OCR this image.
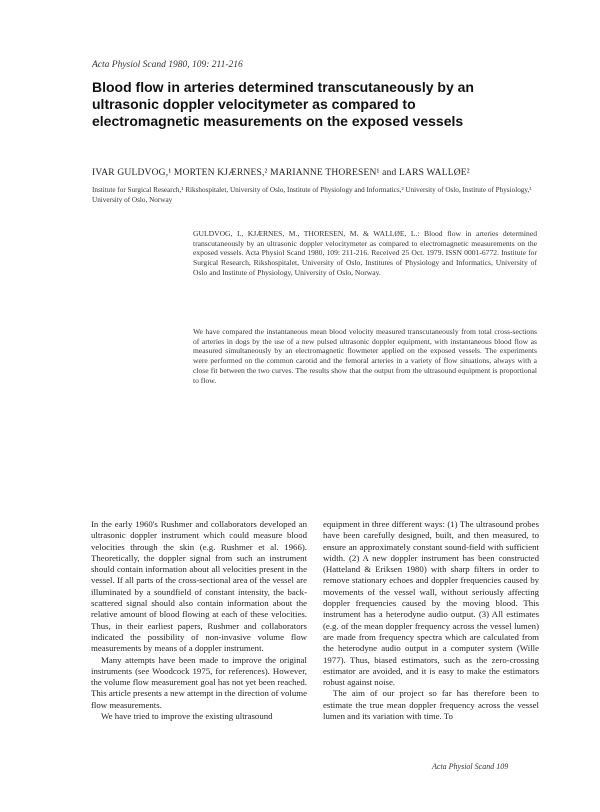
Acta Physiol Scand 1980, 109: 211-216
Blood flow in arteries determined transcutaneously by an ultrasonic doppler velocitymeter as compared to electromagnetic measurements on the exposed vessels
IVAR GULDVOG,¹ MORTEN KJÆRNES,² MARIANNE THORESEN¹ and LARS WALLØE²
Institute for Surgical Research,¹ Rikshospitalet, University of Oslo, Institute of Physiology and Informatics,² University of Oslo, Institute of Physiology,³ University of Oslo, Norway

GULDVOG, I., KJÆRNES, M., THORESEN, M. & WALLØE, L.: Blood flow in arteries determined transcutaneously by an ultrasonic doppler velocitymeter as compared to electromagnetic measurements on the exposed vessels. Acta Physiol Scand 1980, 109: 211-216. Received 25 Oct. 1979. ISSN 0001-6772. Institute for Surgical Research, Rikshospitalet, University of Oslo, Institutes of Physiology and Informatics, University of Oslo and Institute of Physiology, University of Oslo, Norway.

We have compared the instantaneous mean blood velocity measured transcutaneously from total cross-sections of arteries in dogs by the use of a new pulsed ultrasonic doppler equipment, with instantaneous blood flow as measured simultaneously by an electromagnetic flowmeter applied on the exposed vessels. The experiments were performed on the common carotid and the femoral arteries in a variety of flow situations, always with a close fit between the two curves. The results show that the output from the ultrasound equipment is proportional to flow.

In the early 1960's Rushmer and collaborators developed an ultrasonic doppler instrument which could measure blood velocities through the skin (e.g. Rushmer et al. 1966). Theoretically, the doppler signal from such an instrument should contain information about all velocities present in the vessel. If all parts of the cross-sectional area of the vessel are illuminated by a soundfield of constant intensity, the back-scattered signal should also contain information about the relative amount of blood flowing at each of these velocities. Thus, in their earliest papers, Rushmer and collaborators indicated the possibility of non-invasive volume flow measurements by means of a doppler instrument.

Many attempts have been made to improve the original instruments (see Woodcock 1975, for references). However, the volume flow measurement goal has not yet been reached. This article presents a new attempt in the direction of volume flow measurements.

We have tried to improve the existing ultrasound

equipment in three different ways: (1) The ultrasound probes have been carefully designed, built, and then measured, to ensure an approximately constant sound-field with sufficient width. (2) A new doppler instrument has been constructed (Hatteland & Eriksen 1980) with sharp filters in order to remove stationary echoes and doppler frequencies caused by movements of the vessel wall, without seriously affecting doppler frequencies caused by the moving blood. This instrument has a heterodyne audio output. (3) All estimates (e.g. of the mean doppler frequency across the vessel lumen) are made from frequency spectra which are calculated from the heterodyne audio output in a computer system (Wille 1977). Thus, biased estimators, such as the zero-crossing estimator are avoided, and it is easy to make the estimators robust against noise.

The aim of our project so far has therefore been to estimate the true mean doppler frequency across the vessel lumen and its variation with time. To

Acta Physiol Scand 109
